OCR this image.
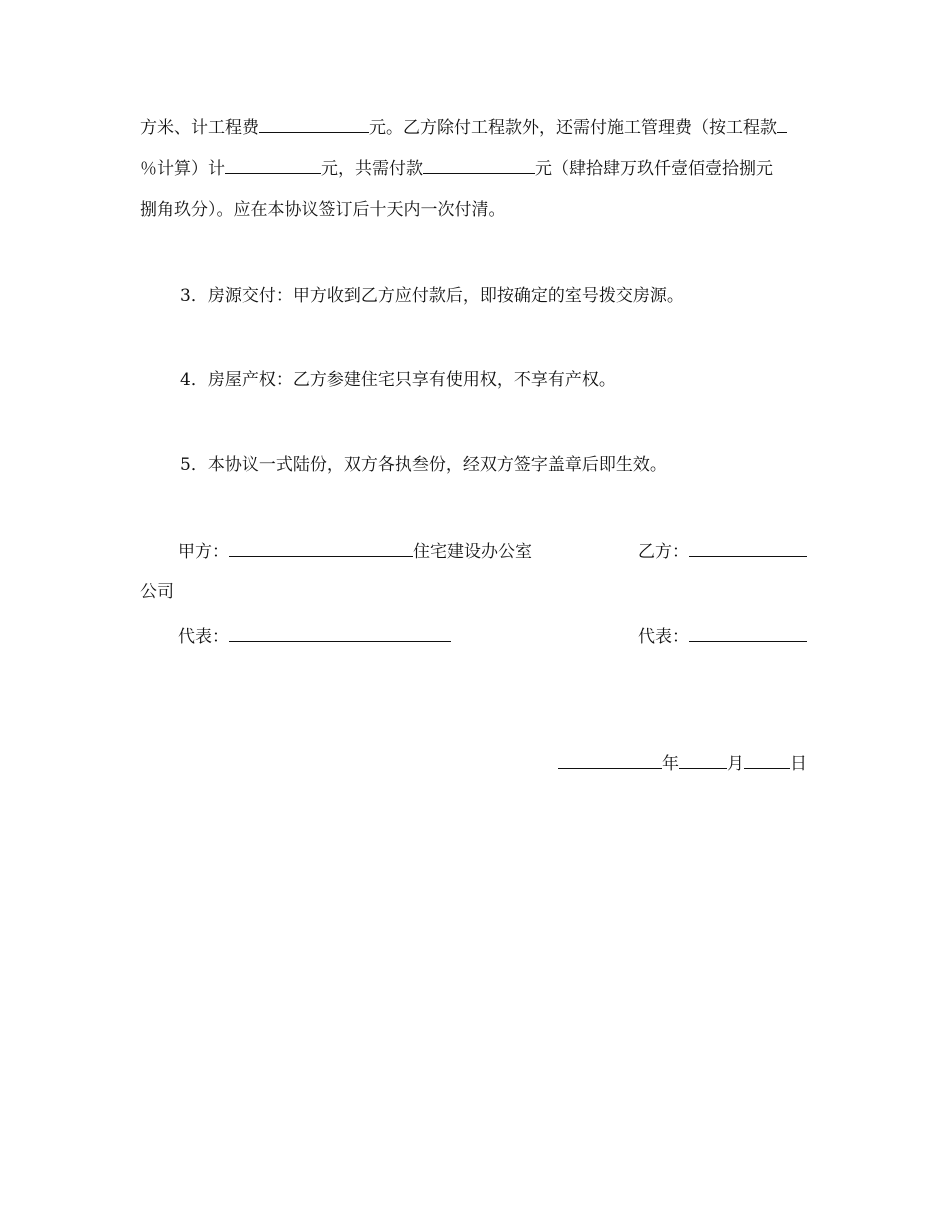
方米、计工程费	元。乙方除付工程款外，还需付施工管理费（按工程款
％计算）计	元，共需付款	元（肆拾肆万玖仟壹佰壹拾捌元
捌角玖分）。应在本协议签订后十天内一次付清。
3．房源交付：甲方收到乙方应付款后，即按确定的室号拨交房源。
4．房屋产权：乙方参建住宅只享有使用权，不享有产权。
5．本协议一式陆份，双方各执叁份，经双方签字盖章后即生效。
甲方：	住宅建设办公室	乙方：
公司
代表：	代表：
年	月	日
